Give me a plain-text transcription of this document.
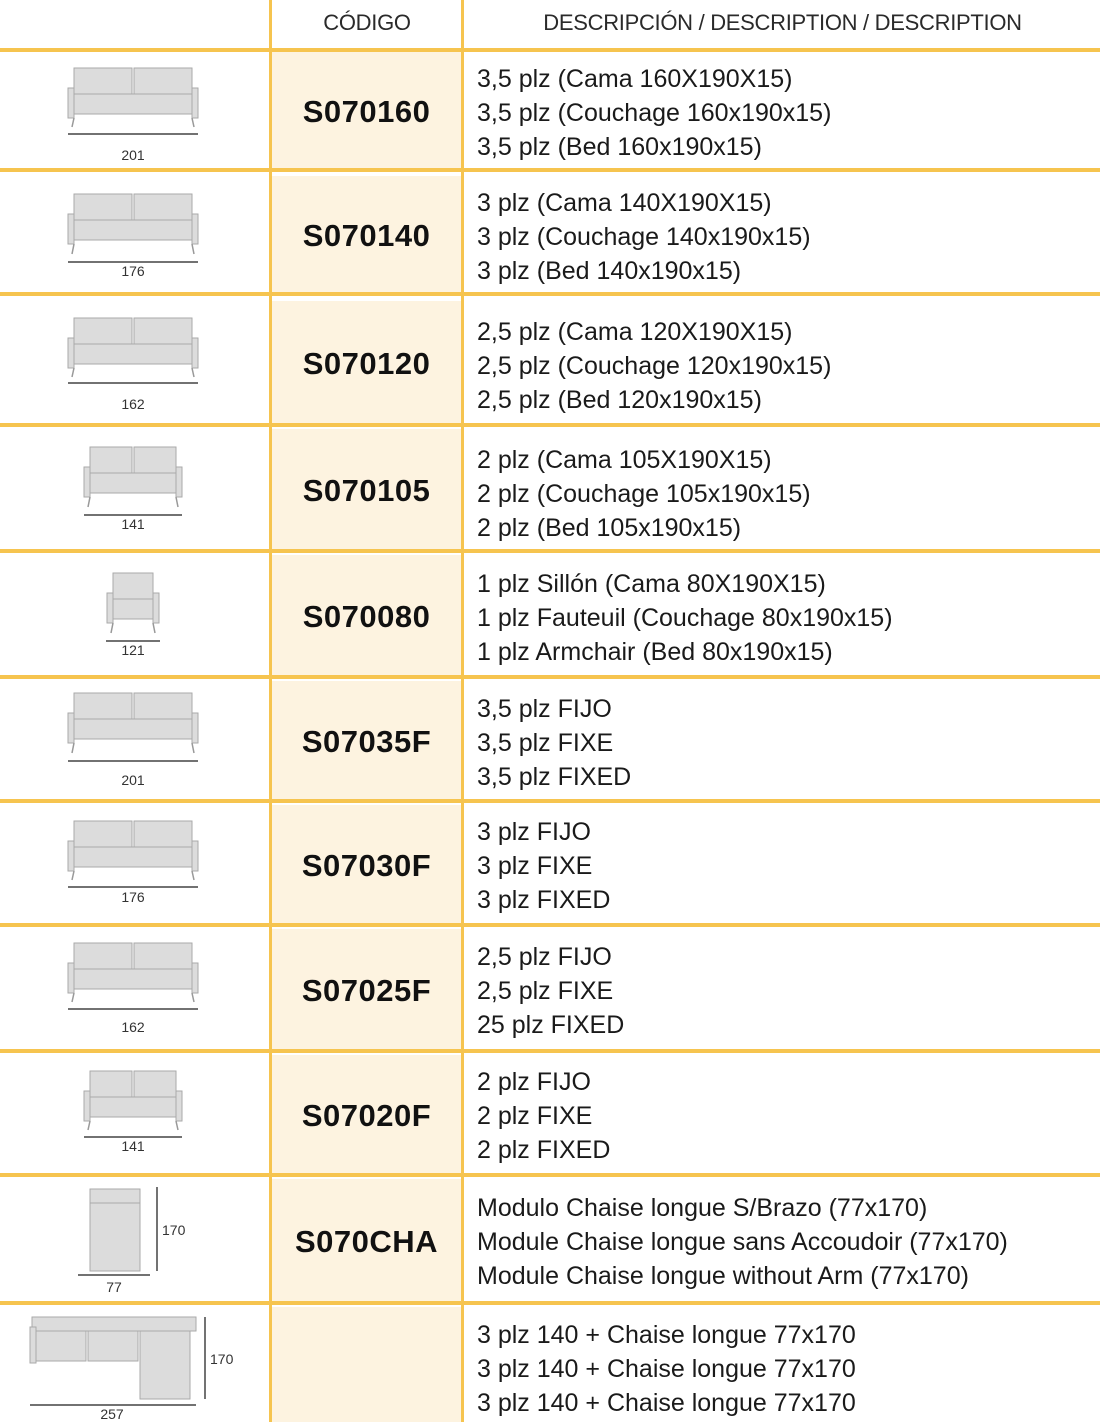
CÓDIGO	DESCRIPCIÓN / DESCRIPTION / DESCRIPTION
201
S070160
3,5 plz (Cama 160X190X15)
3,5 plz (Couchage 160x190x15)
3,5 plz (Bed 160x190x15)
176
S070140
3 plz (Cama 140X190X15)
3 plz (Couchage 140x190x15)
3 plz (Bed 140x190x15)
162
S070120
2,5 plz (Cama 120X190X15)
2,5 plz (Couchage 120x190x15)
2,5 plz (Bed 120x190x15)
141
S070105
2 plz (Cama 105X190X15)
2 plz (Couchage 105x190x15)
2 plz (Bed 105x190x15)
121
S070080
1 plz Sillón (Cama 80X190X15)
1 plz Fauteuil (Couchage 80x190x15)
1 plz Armchair (Bed 80x190x15)
201
S07035F
3,5 plz FIJO
3,5 plz FIXE
3,5 plz FIXED
176
S07030F
3 plz FIJO
3 plz FIXE
3 plz FIXED
162
S07025F
2,5 plz FIJO
2,5 plz FIXE
25 plz FIXED
141
S07020F
2 plz FIJO
2 plz FIXE
2 plz FIXED
77
170	S070CHA
Modulo Chaise longue S/Brazo (77x170)
Module Chaise longue sans Accoudoir (77x170)
Module Chaise longue without Arm (77x170)
257
170
3 plz 140 + Chaise longue 77x170
3 plz 140 + Chaise longue 77x170
3 plz 140 + Chaise longue 77x170
